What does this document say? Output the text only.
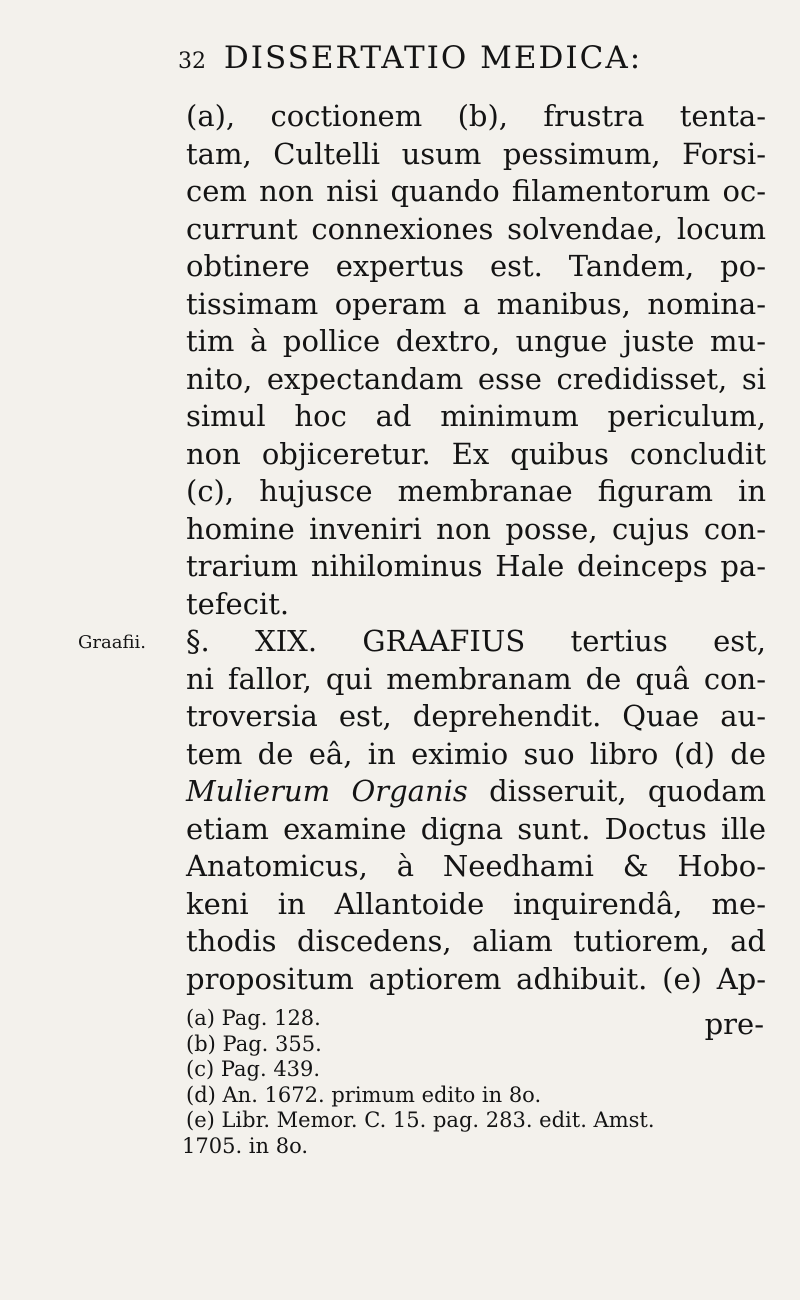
32 DISSERTATIO MEDICA:
Graafii.
(a), coctionem (b), frustra tenta-
tam, Cultelli usum pessimum, Forsi-
cem non nisi quando filamentorum oc-
currunt connexiones solvendae, locum
obtinere expertus est. Tandem, po-
tissimam operam a manibus, nomina-
tim à pollice dextro, ungue juste mu-
nito, expectandam esse credidisset, si
simul hoc ad minimum periculum,
non objiceretur. Ex quibus concludit
(c), hujusce membranae figuram in
homine inveniri non posse, cujus con-
trarium nihilominus Hale deinceps pa-
tefecit.
§. XIX. GRAAFIUS tertius est,
ni fallor, qui membranam de quâ con-
troversia est, deprehendit. Quae au-
tem de eâ, in eximio suo libro (d) de
Mulierum Organis disseruit, quodam
etiam examine digna sunt. Doctus ille
Anatomicus, à Needhami & Hobo-
keni in Allantoide inquirendâ, me-
thodis discedens, aliam tutiorem, ad
propositum aptiorem adhibuit. (e) Ap-
pre-
(a) Pag. 128.
(b) Pag. 355.
(c) Pag. 439.
(d) An. 1672. primum edito in 8o.
(e) Libr. Memor. C. 15. pag. 283. edit. Amst.
1705. in 8o.
